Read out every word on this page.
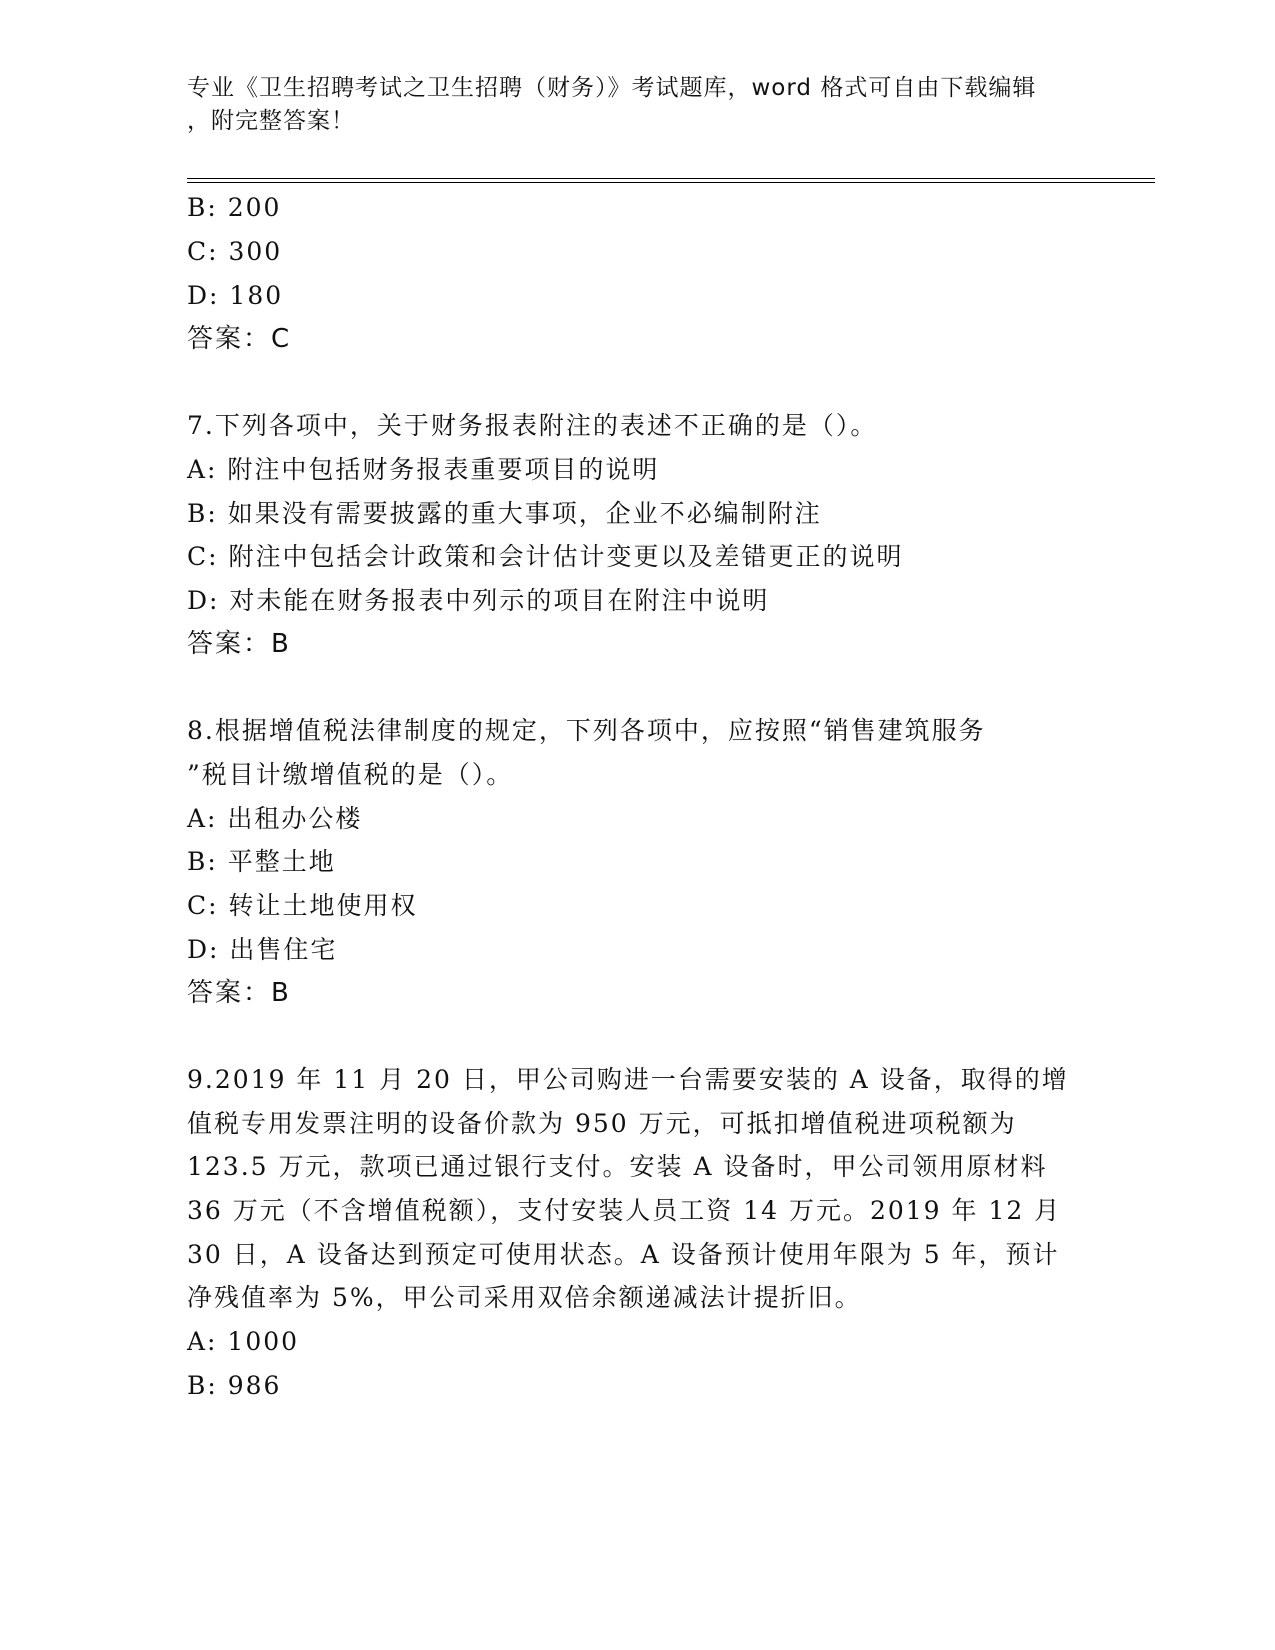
专业《卫生招聘考试之卫生招聘（财务）》考试题库，word 格式可自由下载编辑
，附完整答案！
B: 200
C: 300
D: 180
答案：C
7.下列各项中，关于财务报表附注的表述不正确的是（）。
A: 附注中包括财务报表重要项目的说明
B: 如果没有需要披露的重大事项，企业不必编制附注
C: 附注中包括会计政策和会计估计变更以及差错更正的说明
D: 对未能在财务报表中列示的项目在附注中说明
答案：B
8.根据增值税法律制度的规定，下列各项中，应按照“销售建筑服务
”税目计缴增值税的是（）。
A: 出租办公楼
B: 平整土地
C: 转让土地使用权
D: 出售住宅
答案：B
9.2019 年 11 月 20 日，甲公司购进一台需要安装的 A 设备，取得的增
值税专用发票注明的设备价款为 950 万元，可抵扣增值税进项税额为
123.5 万元，款项已通过银行支付。安装 A 设备时，甲公司领用原材料
36 万元（不含增值税额），支付安装人员工资 14 万元。2019 年 12 月
30 日，A 设备达到预定可使用状态。A 设备预计使用年限为 5 年，预计
净残值率为 5%，甲公司采用双倍余额递减法计提折旧。
A: 1000
B: 986
